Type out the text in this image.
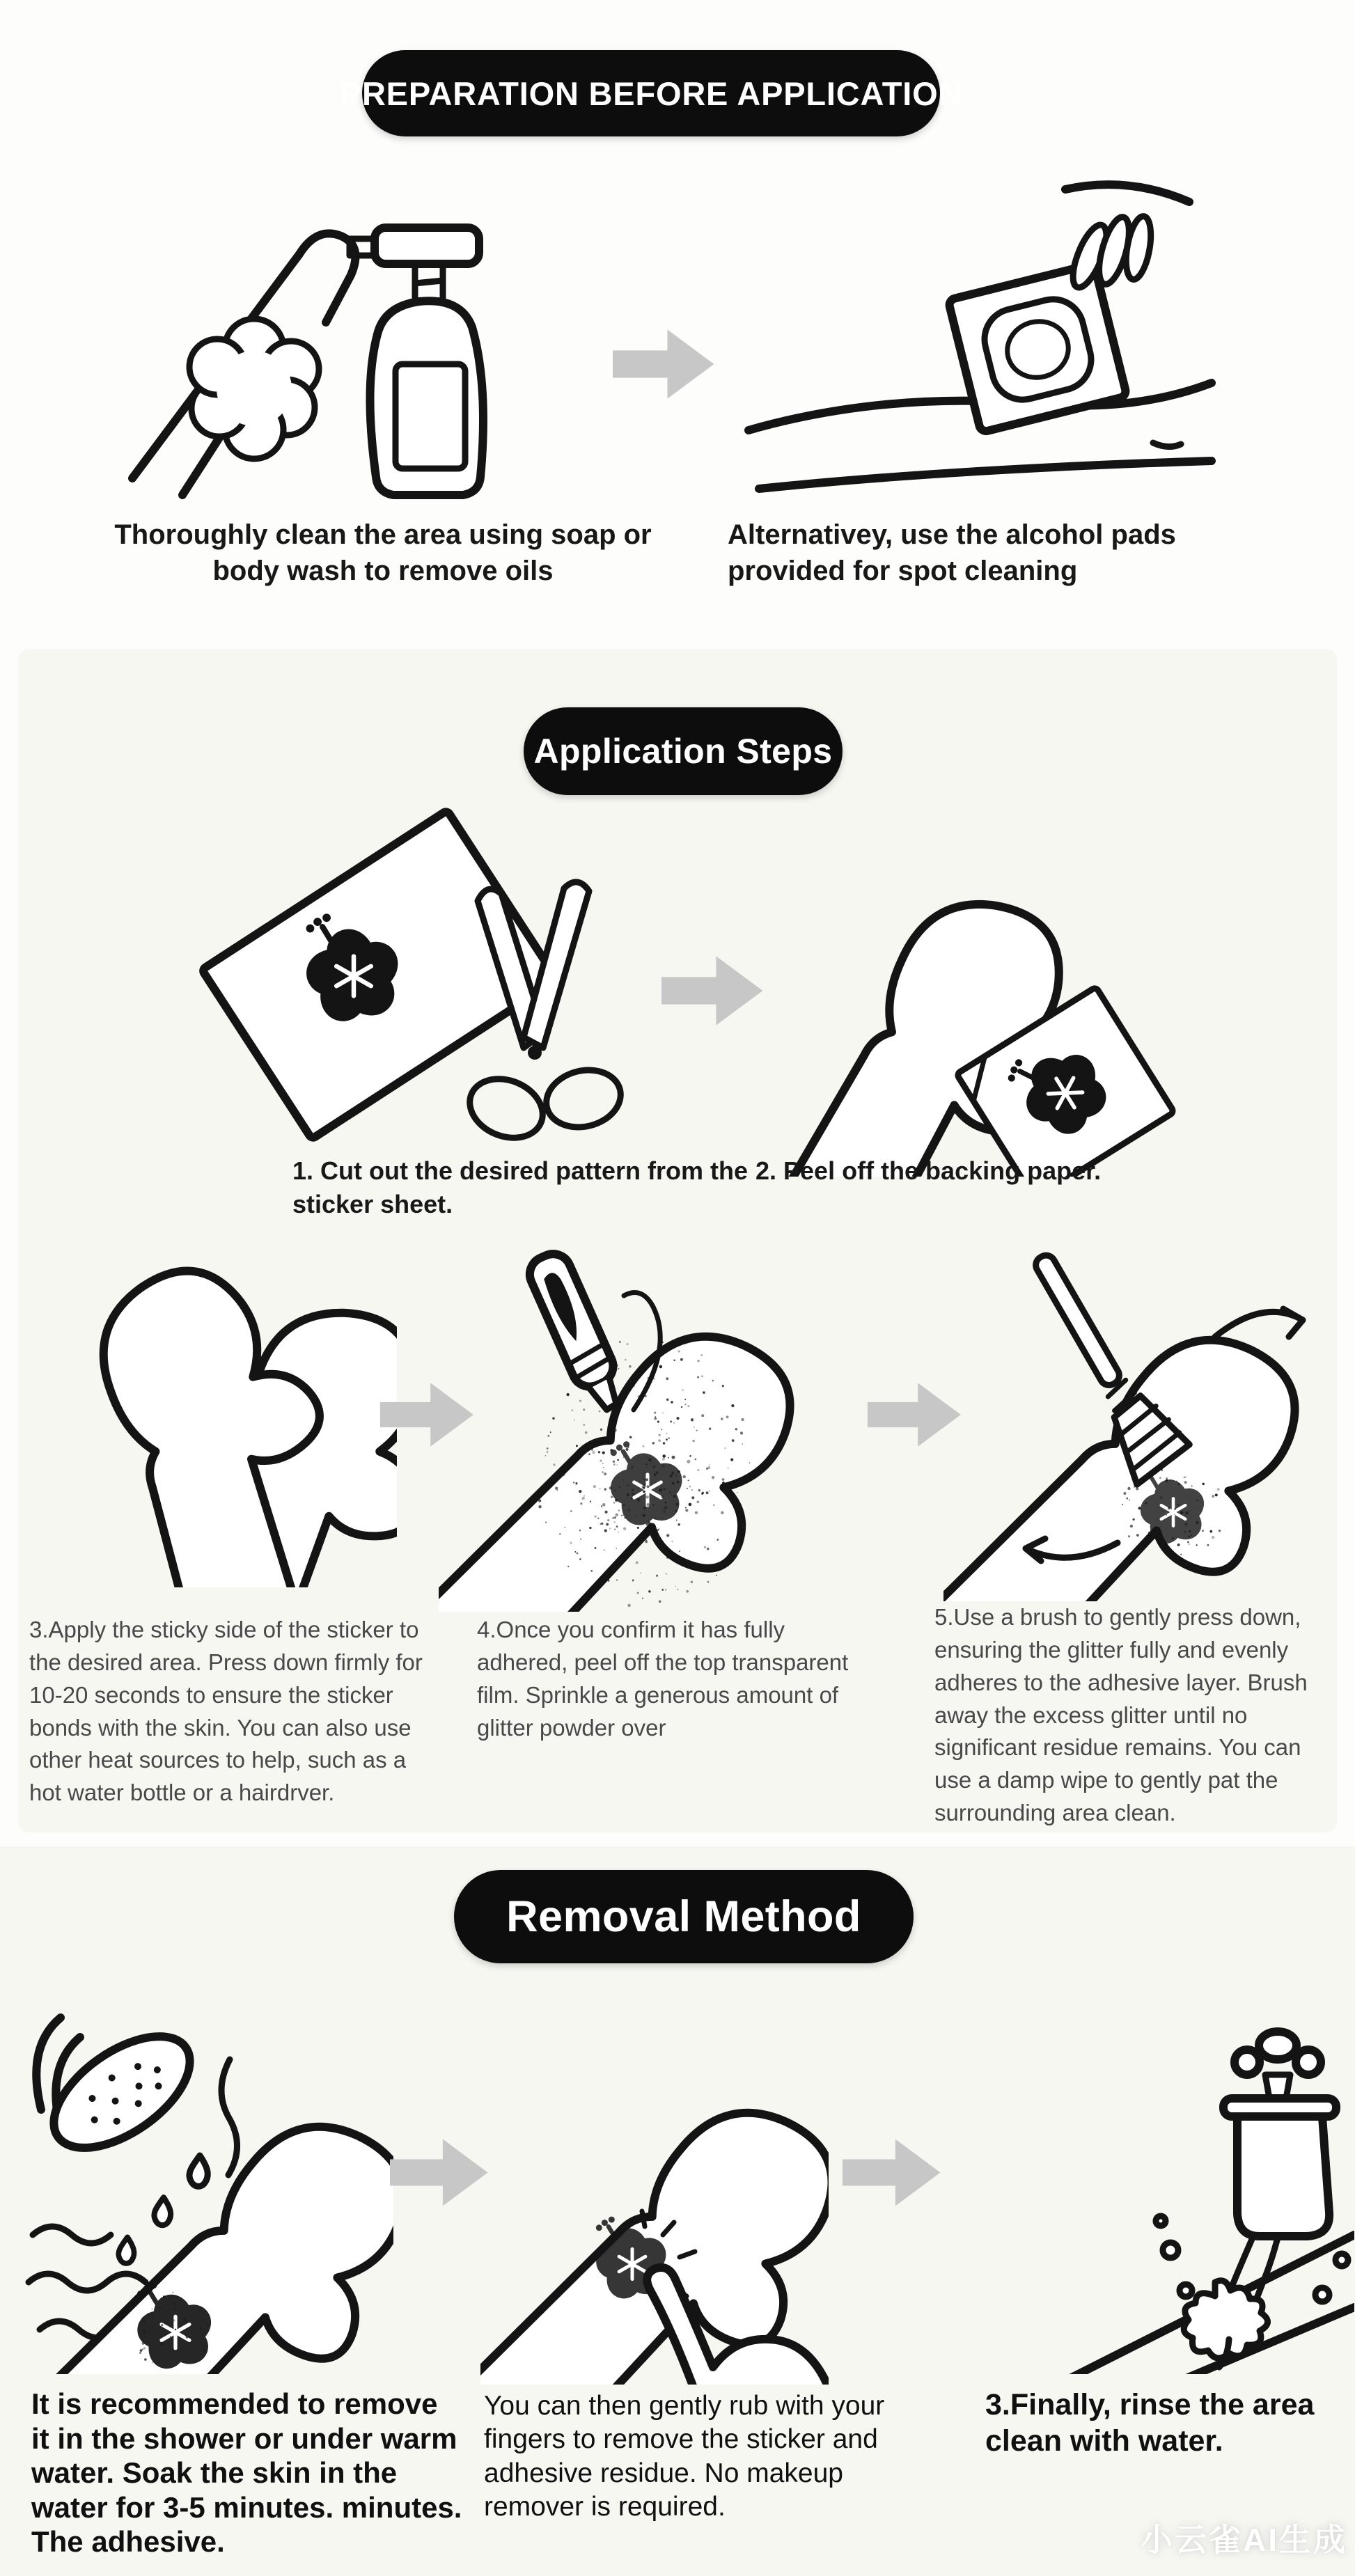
PREPARATION BEFORE APPLICATION
Thoroughly clean the area using soap or body wash to remove oils
Alternativey, use the alcohol pads provided for spot cleaning
Application Steps
1. Cut out the desired pattern from the sticker sheet.
2. Peel off the backing paper.
3.Apply the sticky side of the sticker to the desired area. Press down firmly for 10-20 seconds to ensure the sticker bonds with the skin. You can also use other heat sources to help, such as a hot water bottle or a hairdrver.
4.Once you confirm it has fully adhered, peel off the top transparent film. Sprinkle a generous amount of glitter powder over
5.Use a brush to gently press down, ensuring the glitter fully and evenly adheres to the adhesive layer. Brush away the excess glitter until no significant residue remains. You can use a damp wipe to gently pat the surrounding area clean.
Removal Method
It is recommended to remove it in the shower or under warm water. Soak the skin in the water for 3-5 minutes. minutes. The adhesive.
You can then gently rub with your fingers to remove the sticker and adhesive residue. No makeup remover is required.
3.Finally, rinse the area clean with water.
小云雀AI生成
